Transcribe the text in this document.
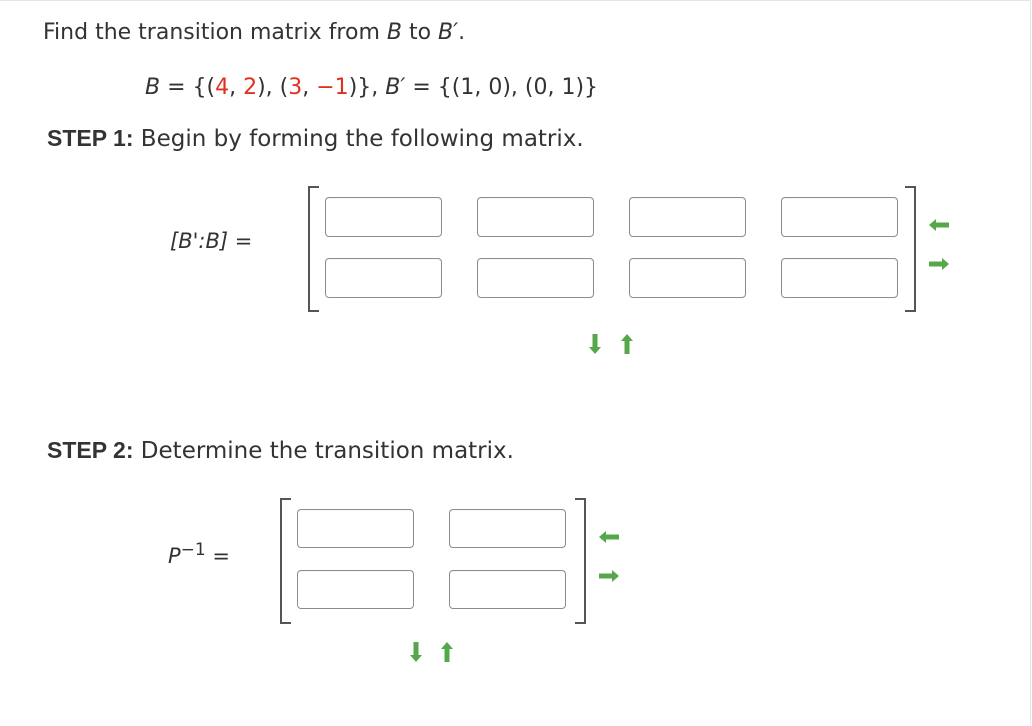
Find the transition matrix from B to B′.
B = {(4, 2), (3, −1)}, B′ = {(1, 0), (0, 1)}
STEP 1: Begin by forming the following matrix.
[B':B] =
STEP 2: Determine the transition matrix.
$P^{-1}$ =
